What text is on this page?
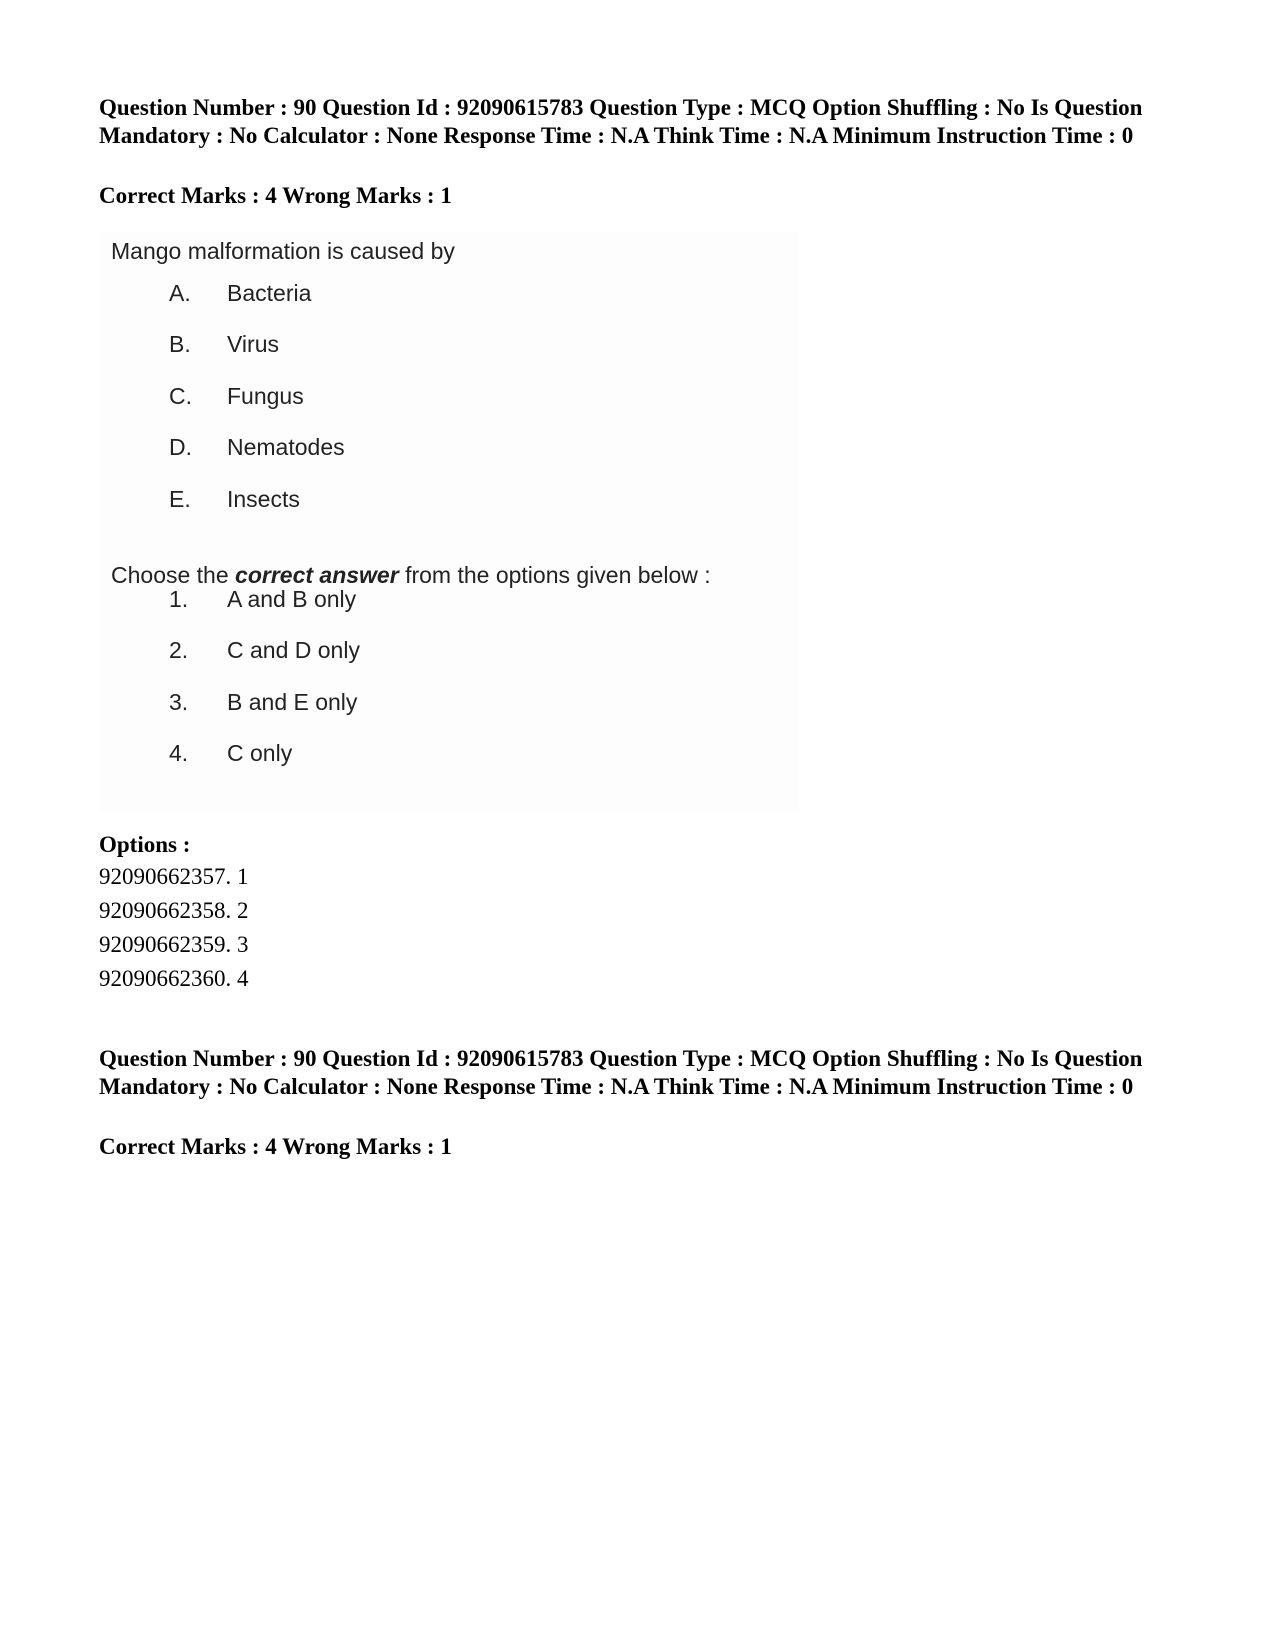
Question Number : 90 Question Id : 92090615783 Question Type : MCQ Option Shuffling : No Is Question Mandatory : No Calculator : None Response Time : N.A Think Time : N.A Minimum Instruction Time : 0

Correct Marks : 4 Wrong Marks : 1

Mango malformation is caused by

A. Bacteria
B. Virus
C. Fungus
D. Nematodes
E. Insects

Choose the correct answer from the options given below :

1. A and B only
2. C and D only
3. B and E only
4. C only

Options :

92090662357. 1

92090662358. 2

92090662359. 3

92090662360. 4

Question Number : 90 Question Id : 92090615783 Question Type : MCQ Option Shuffling : No Is Question Mandatory : No Calculator : None Response Time : N.A Think Time : N.A Minimum Instruction Time : 0

Correct Marks : 4 Wrong Marks : 1
